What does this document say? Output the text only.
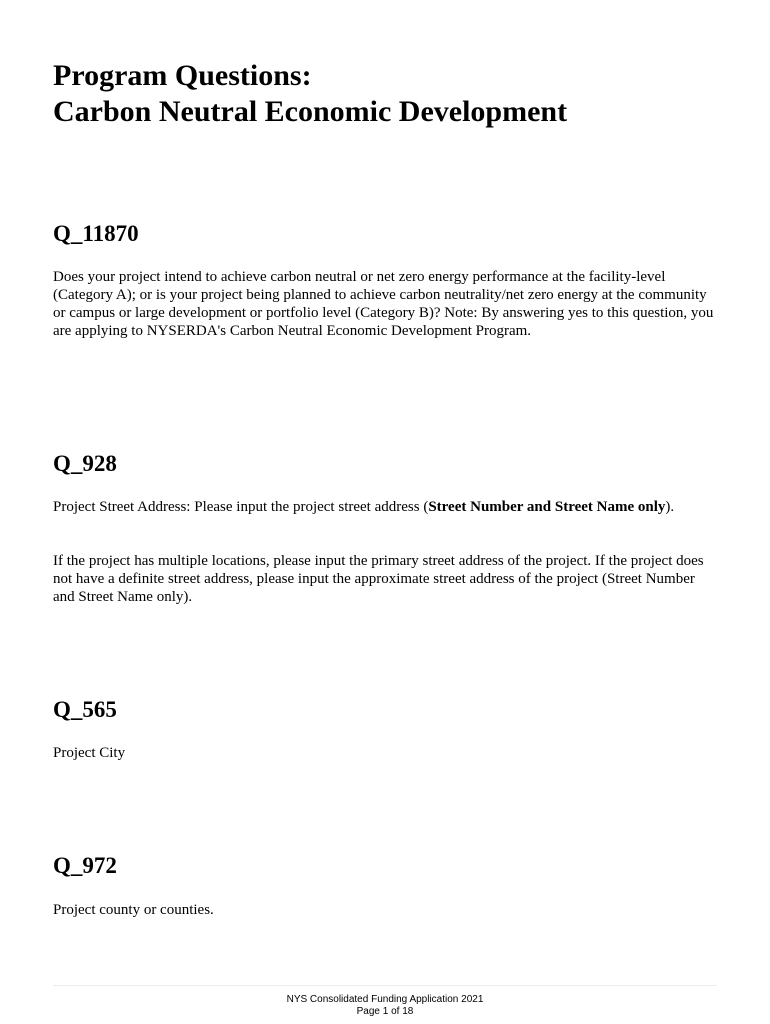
Program Questions:
Carbon Neutral Economic Development
Q_11870

Does your project intend to achieve carbon neutral or net zero energy performance at the facility-level (Category A); or is your project being planned to achieve carbon neutrality/net zero energy at the community or campus or large development or portfolio level (Category B)? Note: By answering yes to this question, you are applying to NYSERDA's Carbon Neutral Economic Development Program.

Q_928

Project Street Address: Please input the project street address (Street Number and Street Name only).

If the project has multiple locations, please input the primary street address of the project. If the project does not have a definite street address, please input the approximate street address of the project (Street Number and Street Name only).

Q_565

Project City

Q_972

Project county or counties.

NYS Consolidated Funding Application 2021
Page 1 of 18
